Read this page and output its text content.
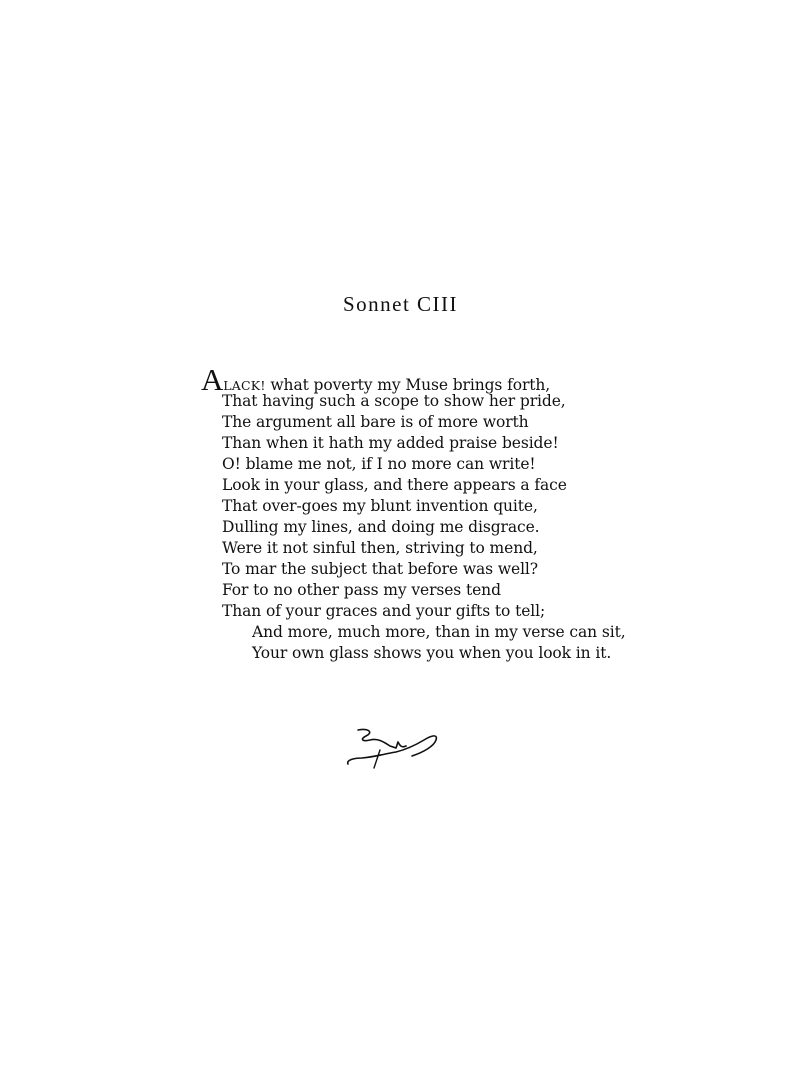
Sonnet CIII
ALACK! what poverty my Muse brings forth,
That having such a scope to show her pride,
The argument all bare is of more worth
Than when it hath my added praise beside!
O! blame me not, if I no more can write!
Look in your glass, and there appears a face
That over-goes my blunt invention quite,
Dulling my lines, and doing me disgrace.
Were it not sinful then, striving to mend,
To mar the subject that before was well?
For to no other pass my verses tend
Than of your graces and your gifts to tell;
And more, much more, than in my verse can sit,
Your own glass shows you when you look in it.
